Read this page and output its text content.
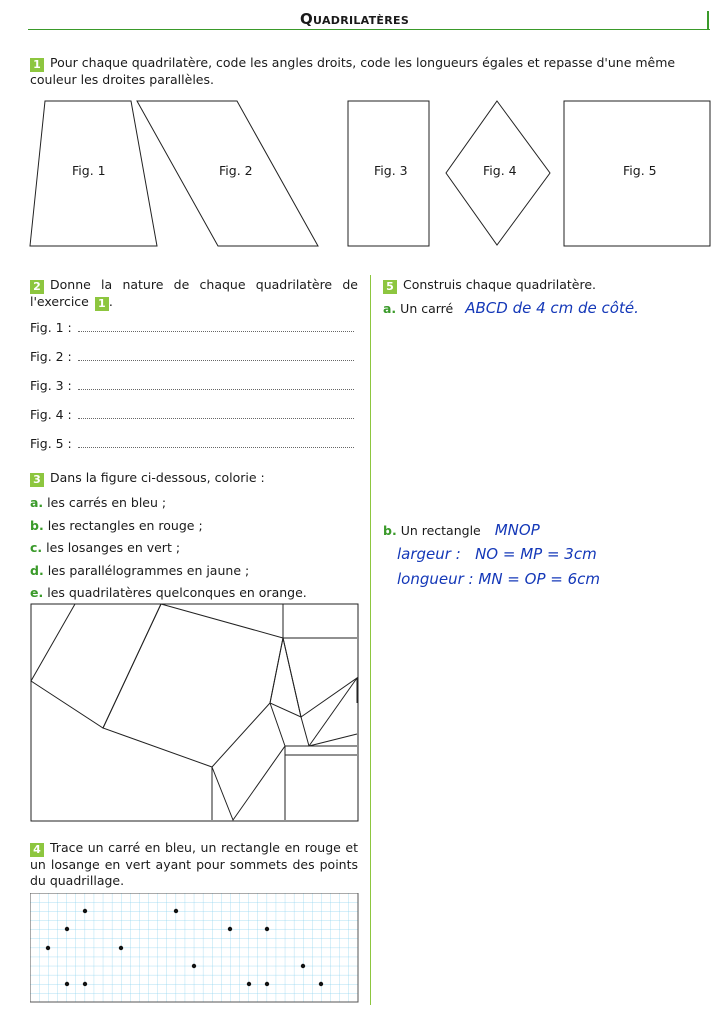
Quadrilatères
1 Pour chaque quadrilatère, code les angles droits, code les longueurs égales et repasse d'une même couleur les droites parallèles.
Fig. 1	Fig. 2	Fig. 3	Fig. 4	Fig. 5
2 Donne la nature de chaque quadrilatère de l'exercice 1 .
Fig. 1 :
Fig. 2 :
Fig. 3 :
Fig. 4 :
Fig. 5 :
3 Dans la figure ci-dessous, colorie :
a. les carrés en bleu ;
b. les rectangles en rouge ;
c. les losanges en vert ;
d. les parallélogrammes en jaune ;
e. les quadrilatères quelconques en orange.
4 Trace un carré en bleu, un rectangle en rouge et un losange en vert ayant pour sommets des points du quadrillage.
5 Construis chaque quadrilatère.
a. Un carré ABCD de 4 cm de côté.
b. Un rectangle MNOP
largeur :   NO = MP = 3cm
longueur : MN = OP = 6cm
